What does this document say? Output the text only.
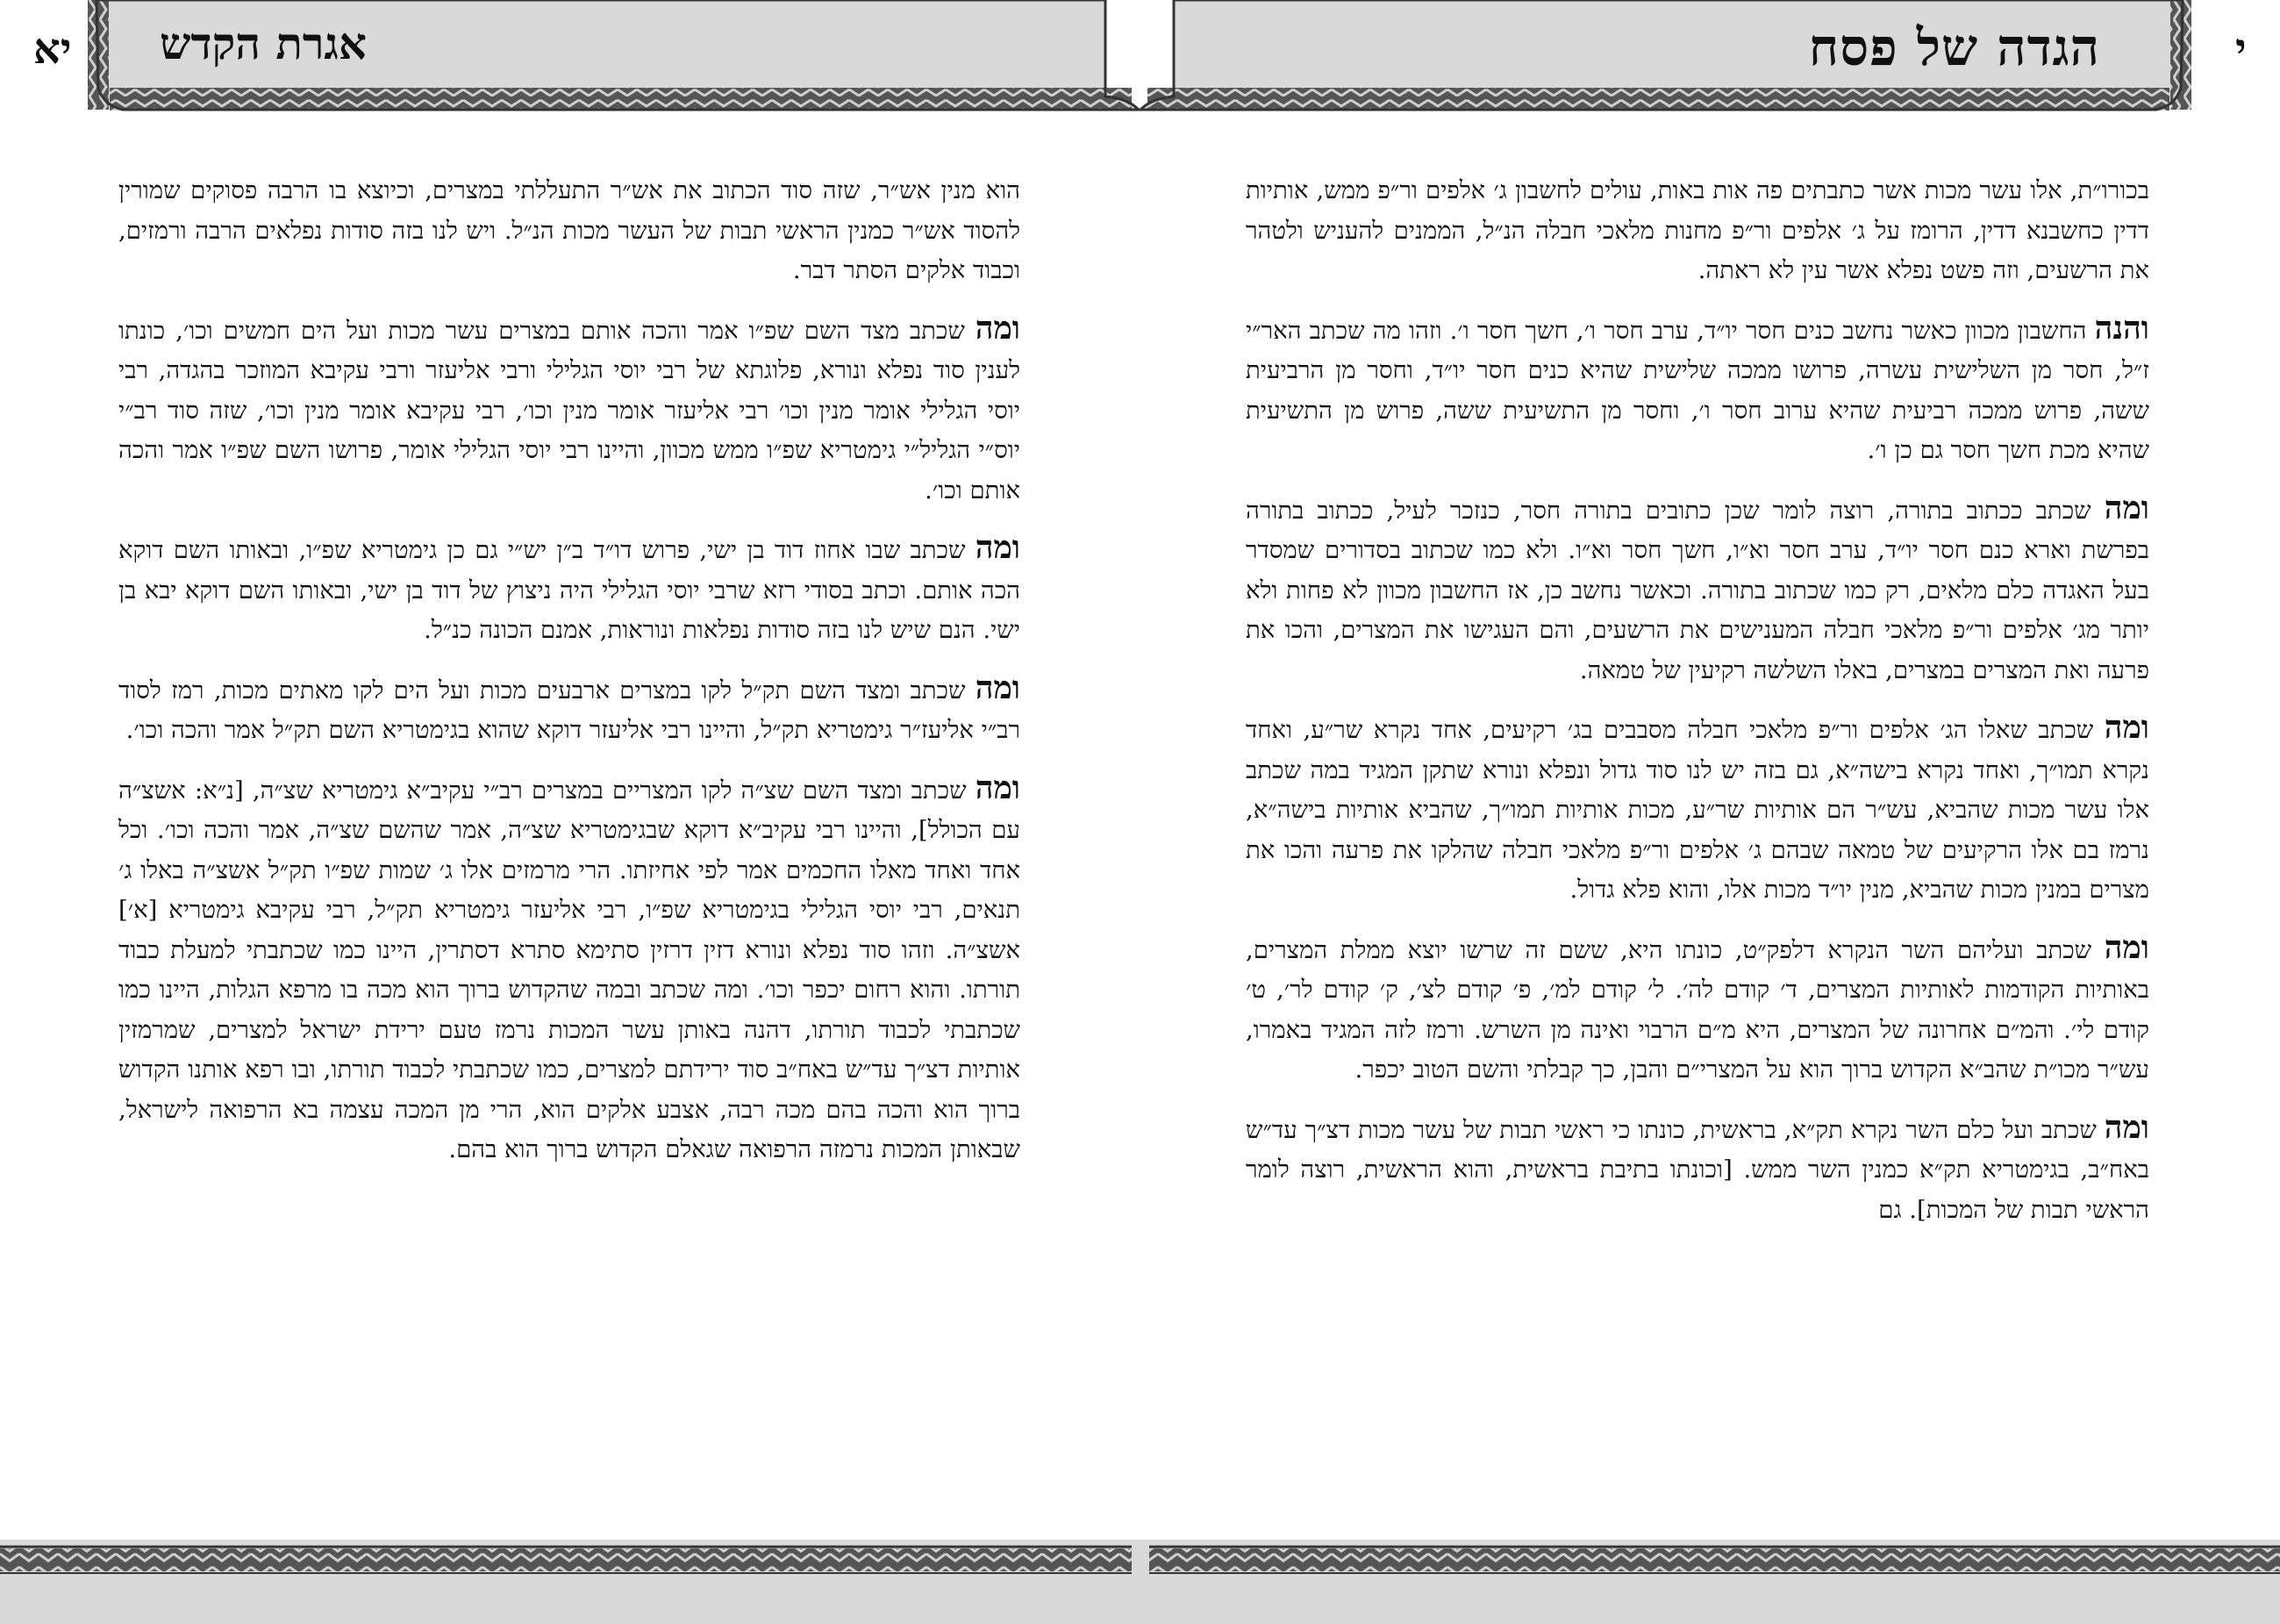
יא אגרת הקדש	הגדה של פסח	י

הוא מנין אש״ר, שזה סוד הכתוב את אש״ר התעללתי במצרים, וכיוצא בו הרבה פסוקים שמורין להסוד אש״ר כמנין הראשי תבות של העשר מכות הנ״ל. ויש לנו בזה סודות נפלאים הרבה ורמזים, וכבוד אלקים הסתר דבר.

ומה שכתב מצד השם שפ״ו אמר והכה אותם במצרים עשר מכות ועל הים חמשים וכו׳, כונתו לענין סוד נפלא ונורא, פלוגתא של רבי יוסי הגלילי ורבי אליעזר ורבי עקיבא המוזכר בהגדה, רבי יוסי הגלילי אומר מנין וכו׳ רבי אליעזר אומר מנין וכו׳, רבי עקיבא אומר מנין וכו׳, שזה סוד רב״י יוס״י הגליל״י גימטריא שפ״ו ממש מכוון, והיינו רבי יוסי הגלילי אומר, פרושו השם שפ״ו אמר והכה אותם וכו׳.

ומה שכתב שבו אחוז דוד בן ישי, פרוש דו״ד ב״ן יש״י גם כן גימטריא שפ״ו, ובאותו השם דוקא הכה אותם. וכתב בסודי רזא שרבי יוסי הגלילי היה ניצוץ של דוד בן ישי, ובאותו השם דוקא יבא בן ישי. הנם שיש לנו בזה סודות נפלאות ונוראות, אמנם הכונה כנ״ל.

ומה שכתב ומצד השם תק״ל לקו במצרים ארבעים מכות ועל הים לקו מאתים מכות, רמז לסוד רב״י אליעז״ר גימטריא תק״ל, והיינו רבי אליעזר דוקא שהוא בגימטריא השם תק״ל אמר והכה וכו׳.

ומה שכתב ומצד השם שצ״ה לקו המצריים במצרים רב״י עקיב״א גימטריא שצ״ה, [נ״א: אשצ״ה עם הכולל], והיינו רבי עקיב״א דוקא שבגימטריא שצ״ה, אמר שהשם שצ״ה, אמר והכה וכו׳. וכל אחד ואחד מאלו החכמים אמר לפי אחיזתו. הרי מרמזים אלו ג׳ שמות שפ״ו תק״ל אשצ״ה באלו ג׳ תנאים, רבי יוסי הגלילי בגימטריא שפ״ו, רבי אליעזר גימטריא תק״ל, רבי עקיבא גימטריא [א׳] אשצ״ה. וזהו סוד נפלא ונורא דזין דרזין סתימא סתרא דסתרין, היינו כמו שכתבתי למעלת כבוד תורתו. והוא רחום יכפר וכו׳. ומה שכתב ובמה שהקדוש ברוך הוא מכה בו מרפא הגלות, היינו כמו שכתבתי לכבוד תורתו, דהנה באותן עשר המכות נרמז טעם ירידת ישראל למצרים, שמרמזין אותיות דצ״ך עד״ש באח״ב סוד ירידתם למצרים, כמו שכתבתי לכבוד תורתו, ובו רפא אותנו הקדוש ברוך הוא והכה בהם מכה רבה, אצבע אלקים הוא, הרי מן המכה עצמה בא הרפואה לישראל, שבאותן המכות נרמזה הרפואה שגאלם הקדוש ברוך הוא בהם.

בכורו״ת, אלו עשר מכות אשר כתבתים פה אות באות, עולים לחשבון ג׳ אלפים ור״פ ממש, אותיות דדין כחשבנא דדין, הרומז על ג׳ אלפים ור״פ מחנות מלאכי חבלה הנ״ל, הממנים להעניש ולטהר את הרשעים, וזה פשט נפלא אשר עין לא ראתה.

והנה החשבון מכוון כאשר נחשב כנים חסר יו״ד, ערב חסר ו׳, חשך חסר ו׳. וזהו מה שכתב האר״י ז״ל, חסר מן השלישית עשרה, פרושו ממכה שלישית שהיא כנים חסר יו״ד, וחסר מן הרביעית ששה, פרוש ממכה רביעית שהיא ערוב חסר ו׳, וחסר מן התשיעית ששה, פרוש מן התשיעית שהיא מכת חשך חסר גם כן ו׳.

ומה שכתב ככתוב בתורה, רוצה לומר שכן כתובים בתורה חסר, כנזכר לעיל, ככתוב בתורה בפרשת וארא כנם חסר יו״ד, ערב חסר וא״ו, חשך חסר וא״ו. ולא כמו שכתוב בסדורים שמסדר בעל האגדה כלם מלאים, רק כמו שכתוב בתורה. וכאשר נחשב כן, אז החשבון מכוון לא פחות ולא יותר מג׳ אלפים ור״פ מלאכי חבלה המענישים את הרשעים, והם העגישו את המצרים, והכו את פרעה ואת המצרים במצרים, באלו השלשה רקיעין של טמאה.

ומה שכתב שאלו הג׳ אלפים ור״פ מלאכי חבלה מסבבים בג׳ רקיעים, אחד נקרא שר״ע, ואחד נקרא תמו״ך, ואחד נקרא בישה״א, גם בזה יש לנו סוד גדול ונפלא ונורא שתקן המגיד במה שכתב אלו עשר מכות שהביא, עש״ר הם אותיות שר״ע, מכות אותיות תמו״ך, שהביא אותיות בישה״א, נרמז בם אלו הרקיעים של טמאה שבהם ג׳ אלפים ור״פ מלאכי חבלה שהלקו את פרעה והכו את מצרים במנין מכות שהביא, מנין יו״ד מכות אלו, והוא פלא גדול.

ומה שכתב ועליהם השר הנקרא דלפק״ט, כונתו היא, ששם זה שרשו יוצא ממלת המצרים, באותיות הקודמות לאותיות המצרים, ד׳ קודם לה׳. ל׳ קודם למ׳, פ׳ קודם לצ׳, ק׳ קודם לר׳, ט׳ קודם לי׳. והמ״ם אחרונה של המצרים, היא מ״ם הרבוי ואינה מן השרש. ורמז לזה המגיד באמרו, עש״ר מכו״ת שהב״א הקדוש ברוך הוא על המצרי״ם והבן, כך קבלתי והשם הטוב יכפר.

ומה שכתב ועל כלם השר נקרא תק״א, בראשית, כונתו כי ראשי תבות של עשר מכות דצ״ך עד״ש באח״ב, בגימטריא תק״א כמנין השר ממש. [וכונתו בתיבת בראשית, והוא הראשית, רוצה לומר הראשי תבות של המכות]. גם
